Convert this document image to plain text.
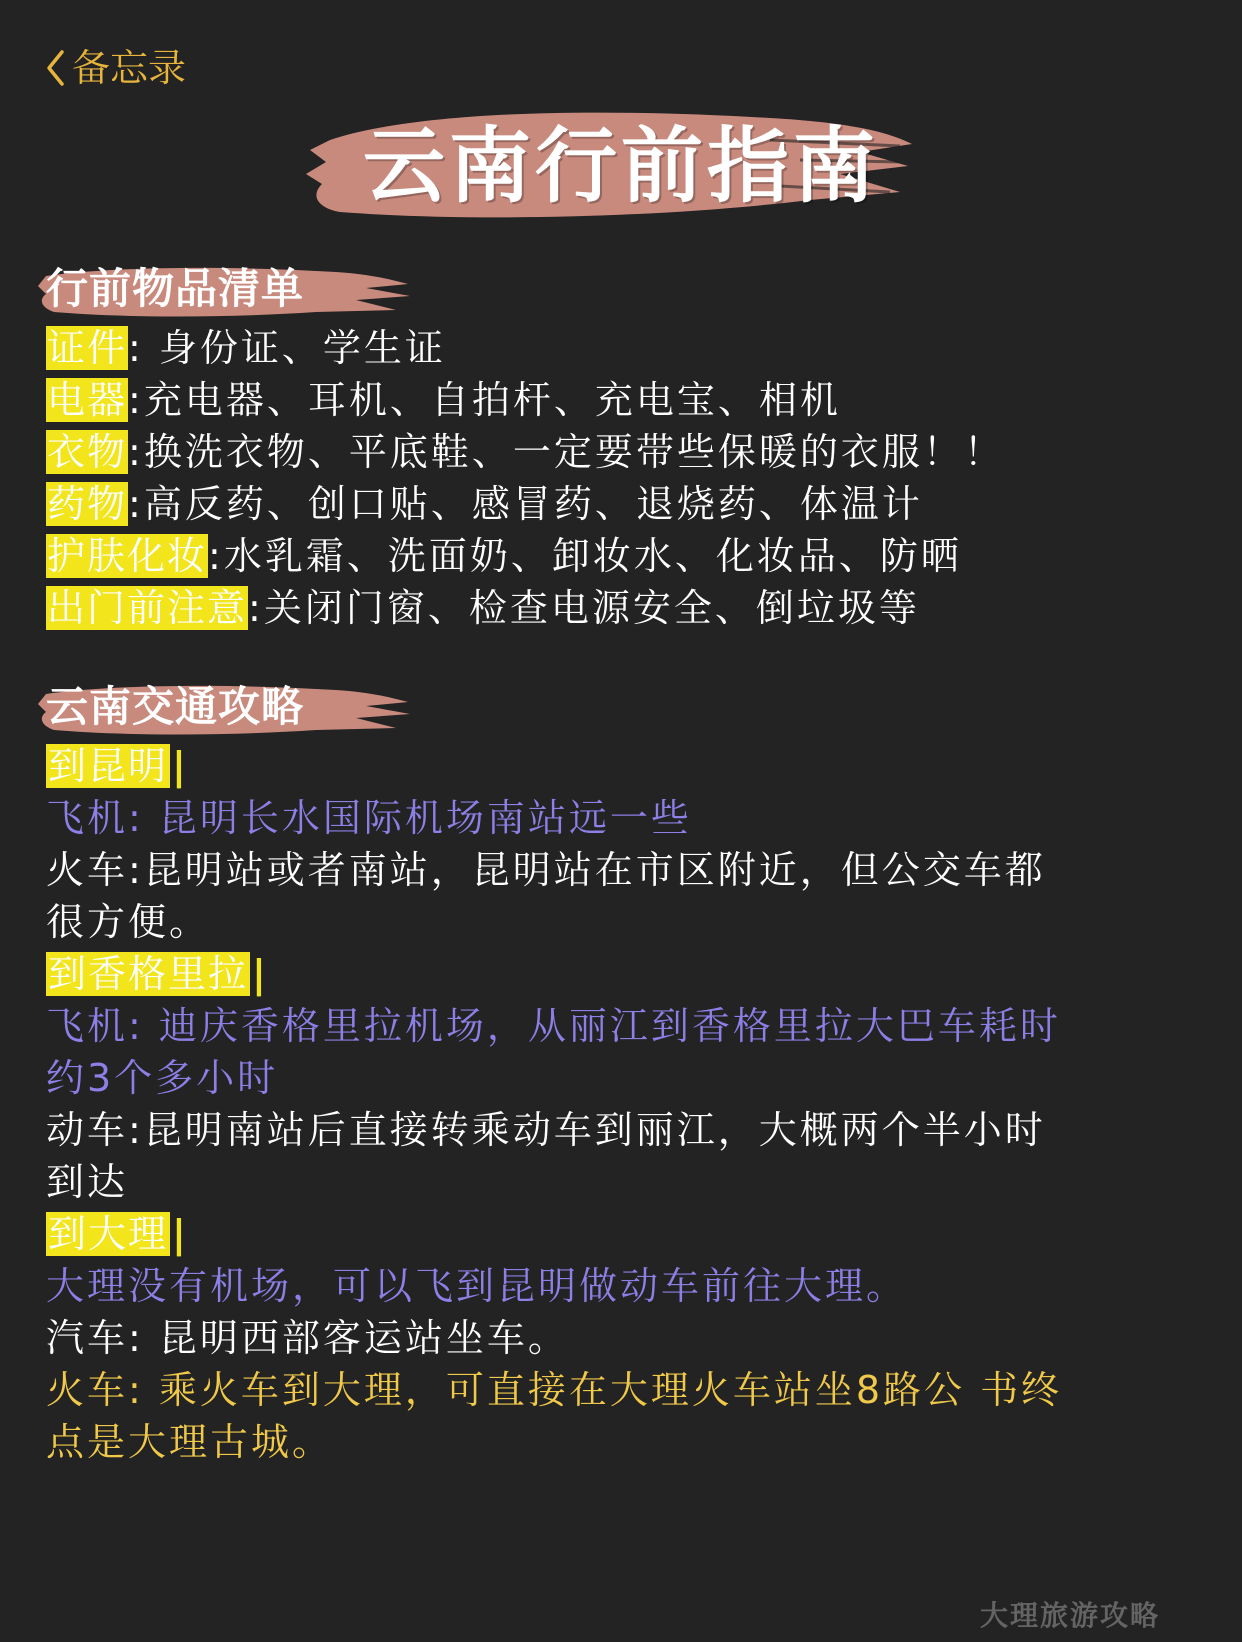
备忘录
云南行前指南
行前物品清单
证件: 身份证、学生证
电器:充电器、耳机、自拍杆、充电宝、相机
衣物:换洗衣物、平底鞋、一定要带些保暖的衣服！！
药物:高反药、创口贴、感冒药、退烧药、体温计
护肤化妆:水乳霜、洗面奶、卸妆水、化妆品、防晒
出门前注意:关闭门窗、检查电源安全、倒垃圾等
云南交通攻略
到昆明 |
飞机: 昆明长水国际机场南站远一些
火车:昆明站或者南站，昆明站在市区附近，但公交车都
很方便。
到香格里拉 |
飞机: 迪庆香格里拉机场，从丽江到香格里拉大巴车耗时
约3个多小时
动车:昆明南站后直接转乘动车到丽江，大概两个半小时
到达
到大理 |
大理没有机场，可以飞到昆明做动车前往大理。
汽车: 昆明西部客运站坐车。
火车: 乘火车到大理，可直接在大理火车站坐8路公 书终
点是大理古城。
大理旅游攻略
